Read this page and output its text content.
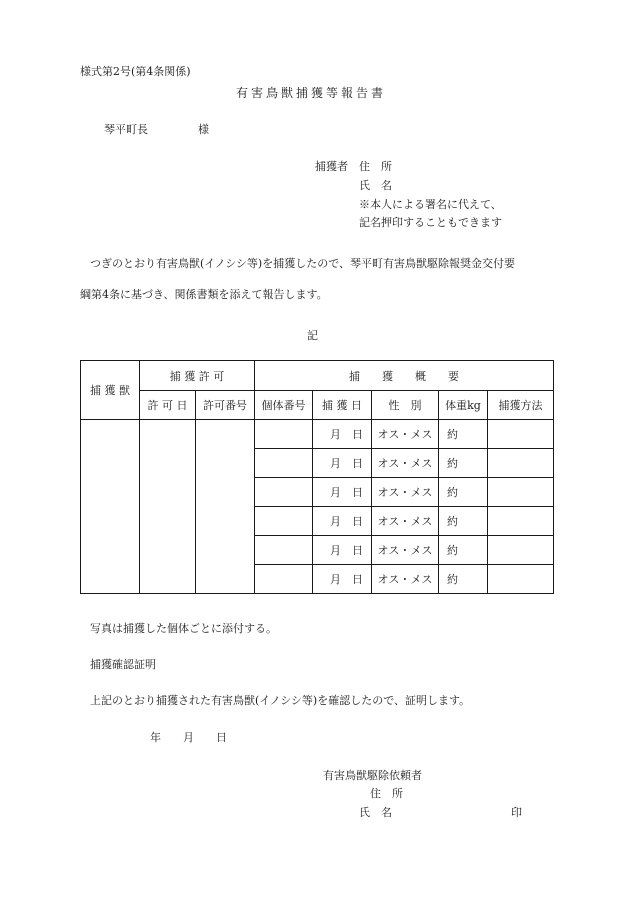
様式第2号(第4条関係)
有害鳥獣捕獲等報告書
琴平町長	様
捕獲者 住　所
氏　名
※本人による署名に代えて、
記名押印することもできます
つぎのとおり有害鳥獣(イノシシ等)を捕獲したので、琴平町有害鳥獣駆除報奨金交付要
綱第4条に基づき、関係書類を添えて報告します。
記
捕 獲 獣	捕 獲 許 可		捕　　獲　　概　　要				
	許 可 日	許可番号	個体番号	捕 獲 日	性　別	体重kg	捕獲方法
				月　日	オス・メス	約	
				月　日	オス・メス	約	
				月　日	オス・メス	約	
				月　日	オス・メス	約	
				月　日	オス・メス	約	
				月　日	オス・メス	約	
写真は捕獲した個体ごとに添付する。
捕獲確認証明
上記のとおり捕獲された有害鳥獣(イノシシ等)を確認したので、証明します。
年　　月　　日
有害鳥獣駆除依頼者
住　所
氏　名	印
